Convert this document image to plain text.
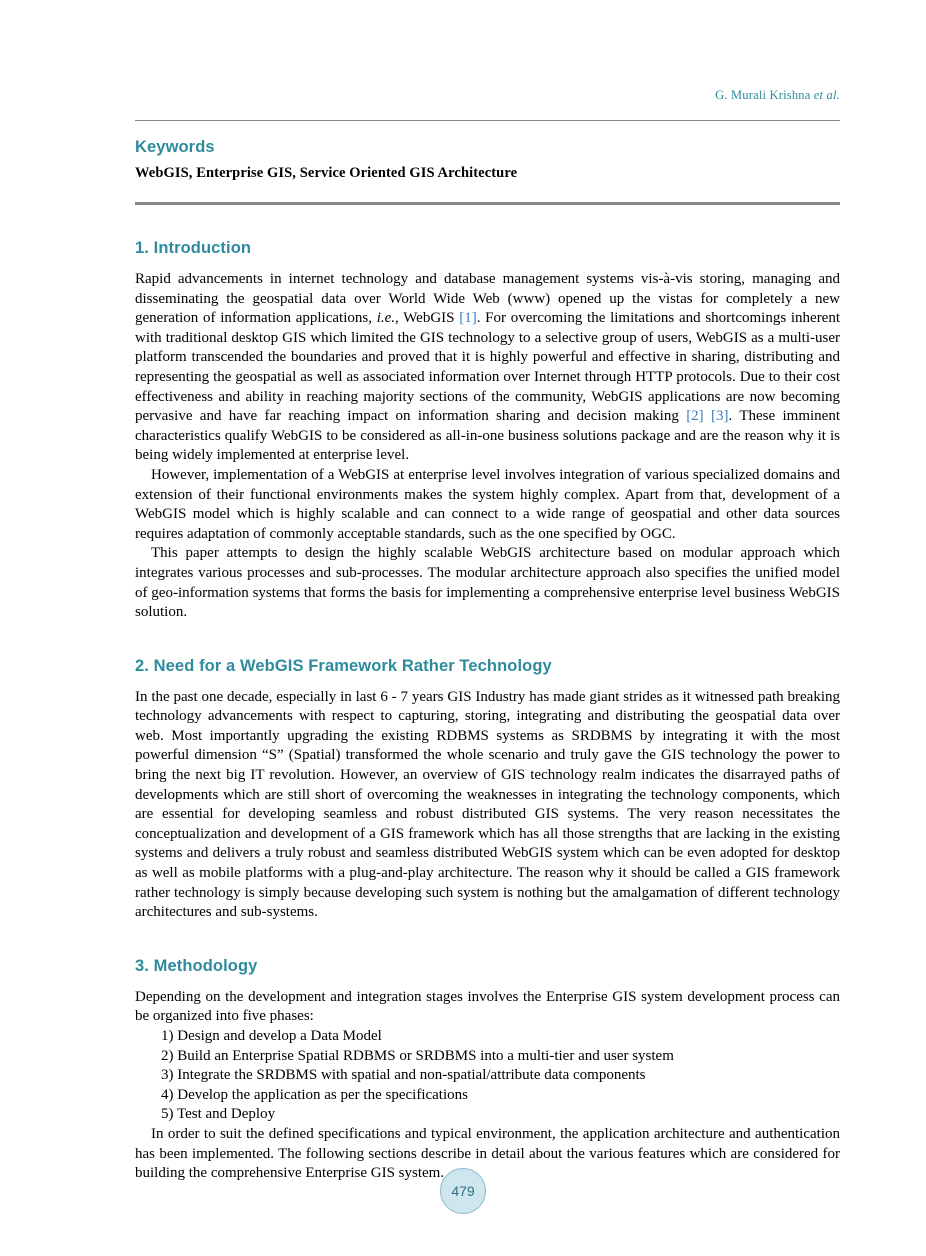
G. Murali Krishna et al.
Keywords

WebGIS, Enterprise GIS, Service Oriented GIS Architecture

1. Introduction

Rapid advancements in internet technology and database management systems vis-à-vis storing, managing and disseminating the geospatial data over World Wide Web (www) opened up the vistas for completely a new generation of information applications, i.e., WebGIS [1]. For overcoming the limitations and shortcomings inherent with traditional desktop GIS which limited the GIS technology to a selective group of users, WebGIS as a multi-user platform transcended the boundaries and proved that it is highly powerful and effective in sharing, distributing and representing the geospatial as well as associated information over Internet through HTTP protocols. Due to their cost effectiveness and ability in reaching majority sections of the community, WebGIS applications are now becoming pervasive and have far reaching impact on information sharing and decision making [2] [3]. These imminent characteristics qualify WebGIS to be considered as all-in-one business solutions package and are the reason why it is being widely implemented at enterprise level.

However, implementation of a WebGIS at enterprise level involves integration of various specialized domains and extension of their functional environments makes the system highly complex. Apart from that, development of a WebGIS model which is highly scalable and can connect to a wide range of geospatial and other data sources requires adaptation of commonly acceptable standards, such as the one specified by OGC.

This paper attempts to design the highly scalable WebGIS architecture based on modular approach which integrates various processes and sub-processes. The modular architecture approach also specifies the unified model of geo-information systems that forms the basis for implementing a comprehensive enterprise level business WebGIS solution.

2. Need for a WebGIS Framework Rather Technology

In the past one decade, especially in last 6 - 7 years GIS Industry has made giant strides as it witnessed path breaking technology advancements with respect to capturing, storing, integrating and distributing the geospatial data over web. Most importantly upgrading the existing RDBMS systems as SRDBMS by integrating it with the most powerful dimension “S” (Spatial) transformed the whole scenario and truly gave the GIS technology the power to bring the next big IT revolution. However, an overview of GIS technology realm indicates the disarrayed paths of developments which are still short of overcoming the weaknesses in integrating the technology components, which are essential for developing seamless and robust distributed GIS systems. The very reason necessitates the conceptualization and development of a GIS framework which has all those strengths that are lacking in the existing systems and delivers a truly robust and seamless distributed WebGIS system which can be even adopted for desktop as well as mobile platforms with a plug-and-play architecture. The reason why it should be called a GIS framework rather technology is simply because developing such system is nothing but the amalgamation of different technology architectures and sub-systems.

3. Methodology

Depending on the development and integration stages involves the Enterprise GIS system development process can be organized into five phases:

1) Design and develop a Data Model
2) Build an Enterprise Spatial RDBMS or SRDBMS into a multi-tier and user system
3) Integrate the SRDBMS with spatial and non-spatial/attribute data components
4) Develop the application as per the specifications
5) Test and Deploy

In order to suit the defined specifications and typical environment, the application architecture and authentication has been implemented. The following sections describe in detail about the various features which are considered for building the comprehensive Enterprise GIS system.

479
